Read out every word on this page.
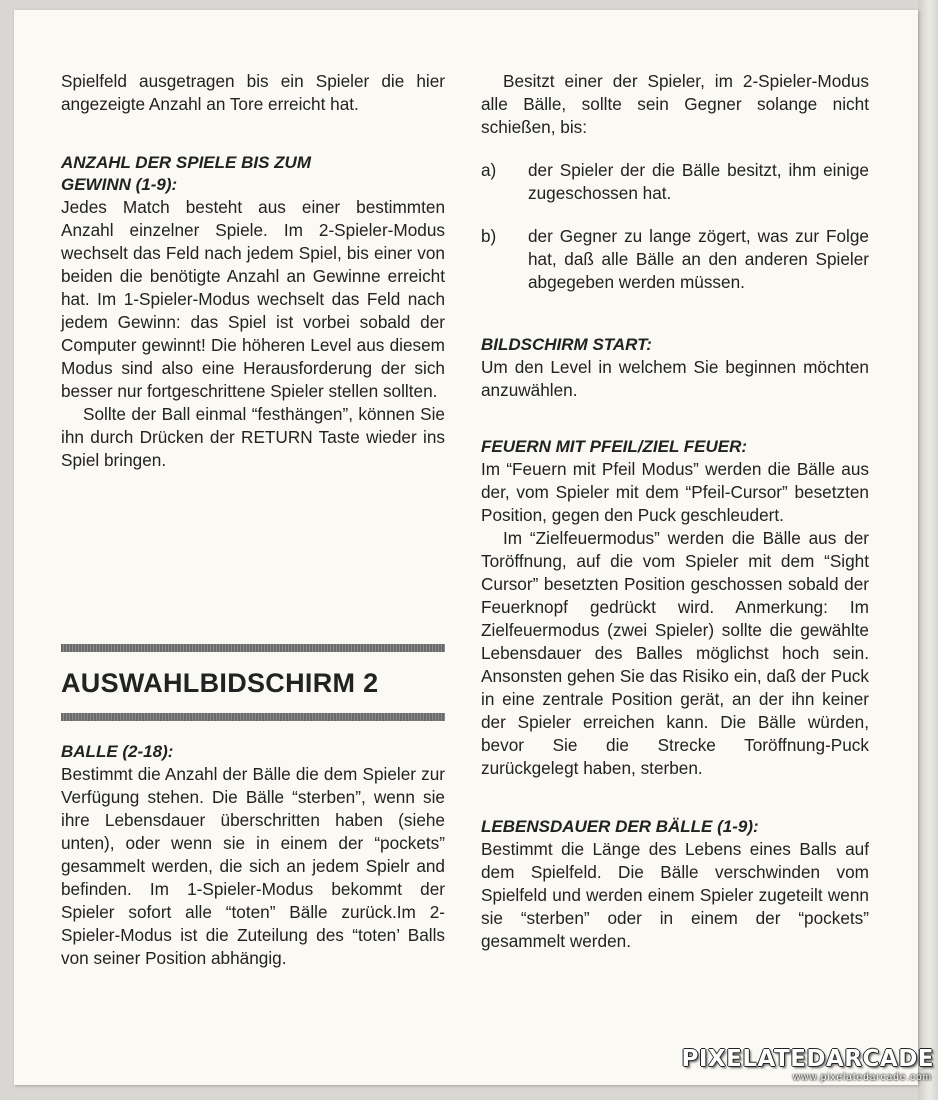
Spielfeld ausgetragen bis ein Spieler die hier angezeigte Anzahl an Tore erreicht hat.

ANZAHL DER SPIELE BIS ZUM
GEWINN (1-9):

Jedes Match besteht aus einer bestimmten Anzahl einzelner Spiele. Im 2-Spieler-Modus wechselt das Feld nach jedem Spiel, bis einer von beiden die benötigte Anzahl an Gewinne erreicht hat. Im 1-Spieler-Modus wechselt das Feld nach jedem Gewinn: das Spiel ist vorbei sobald der Computer gewinnt! Die höheren Level aus diesem Modus sind also eine Herausforderung der sich besser nur fortgeschrittene Spieler stellen sollten.

Sollte der Ball einmal “festhängen”, können Sie ihn durch Drücken der RETURN Taste wieder ins Spiel bringen.

AUSWAHLBIDSCHIRM 2
BALLE (2-18):

Bestimmt die Anzahl der Bälle die dem Spieler zur Verfügung stehen. Die Bälle “sterben”, wenn sie ihre Lebensdauer überschritten haben (siehe unten), oder wenn sie in einem der “pockets” gesammelt werden, die sich an jedem Spielr and befinden. Im 1-Spieler-Modus bekommt der Spieler sofort alle “toten” Bälle zurück.Im 2-Spieler-Modus ist die Zuteilung des “toten’ Balls von seiner Position abhängig.

Besitzt einer der Spieler, im 2-Spieler-Modus alle Bälle, sollte sein Gegner solange nicht schießen, bis:

a)	der Spieler der die Bälle besitzt, ihm einige zugeschossen hat.
b)	der Gegner zu lange zögert, was zur Folge hat, daß alle Bälle an den anderen Spieler abgegeben werden müssen.
BILDSCHIRM START:

Um den Level in welchem Sie beginnen möchten anzuwählen.

FEUERN MIT PFEIL/ZIEL FEUER:

Im “Feuern mit Pfeil Modus” werden die Bälle aus der, vom Spieler mit dem “Pfeil-Cursor” besetzten Position, gegen den Puck geschleudert.

Im “Zielfeuermodus” werden die Bälle aus der Toröffnung, auf die vom Spieler mit dem “Sight Cursor” besetzten Position geschossen sobald der Feuerknopf gedrückt wird. Anmerkung: Im Zielfeuermodus (zwei Spieler) sollte die gewählte Lebensdauer des Balles möglichst hoch sein. Ansonsten gehen Sie das Risiko ein, daß der Puck in eine zentrale Position gerät, an der ihn keiner der Spieler erreichen kann. Die Bälle würden, bevor Sie die Strecke Toröffnung-Puck zurückgelegt haben, sterben.

LEBENSDAUER DER BÄLLE (1-9):

Bestimmt die Länge des Lebens eines Balls auf dem Spielfeld. Die Bälle verschwinden vom Spielfeld und werden einem Spieler zugeteilt wenn sie “sterben” oder in einem der “pockets” gesammelt werden.

PIXELATEDARCADE
www.pixelatedarcade.com
